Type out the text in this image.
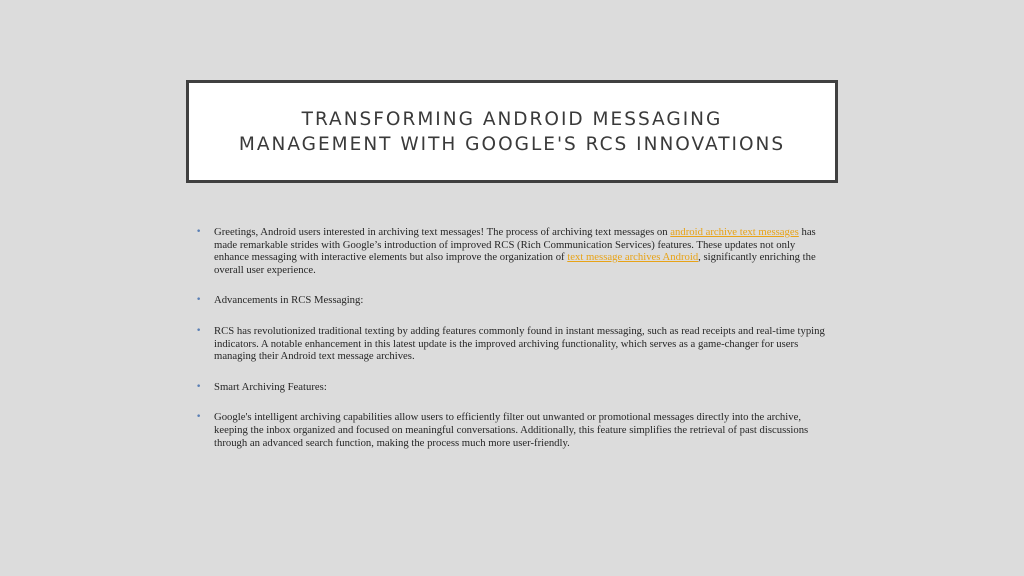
TRANSFORMING ANDROID MESSAGING
MANAGEMENT WITH GOOGLE'S RCS INNOVATIONS
• Greetings, Android users interested in archiving text messages! The process of archiving text messages on android archive text messages has made remarkable strides with Google’s introduction of improved RCS (Rich Communication Services) features. These updates not only enhance messaging with interactive elements but also improve the organization of text message archives Android, significantly enriching the overall user experience.
• Advancements in RCS Messaging:
• RCS has revolutionized traditional texting by adding features commonly found in instant messaging, such as read receipts and real-time typing indicators. A notable enhancement in this latest update is the improved archiving functionality, which serves as a game-changer for users managing their Android text message archives.
• Smart Archiving Features:
• Google's intelligent archiving capabilities allow users to efficiently filter out unwanted or promotional messages directly into the archive, keeping the inbox organized and focused on meaningful conversations. Additionally, this feature simplifies the retrieval of past discussions through an advanced search function, making the process much more user-friendly.
